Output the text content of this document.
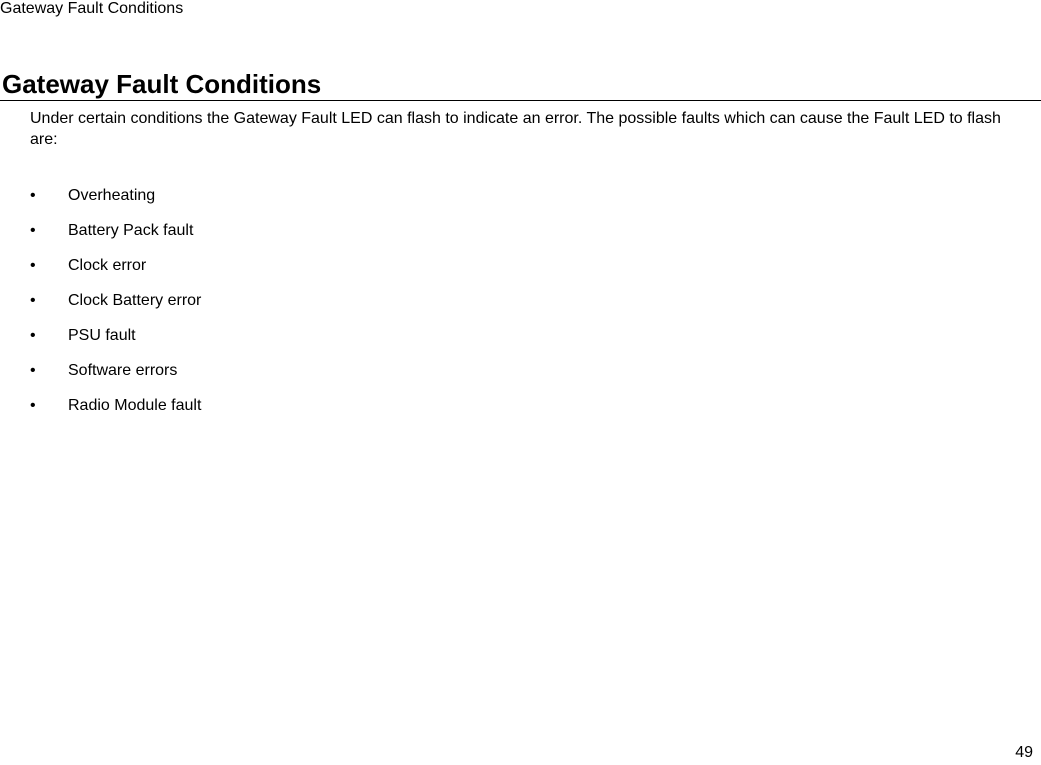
Gateway Fault Conditions
Gateway Fault Conditions

Under certain conditions the Gateway Fault LED can flash to indicate an error. The possible faults which can cause the Fault LED to flash are:

• Overheating
• Battery Pack fault
• Clock error
• Clock Battery error
• PSU fault
• Software errors
• Radio Module fault
49
